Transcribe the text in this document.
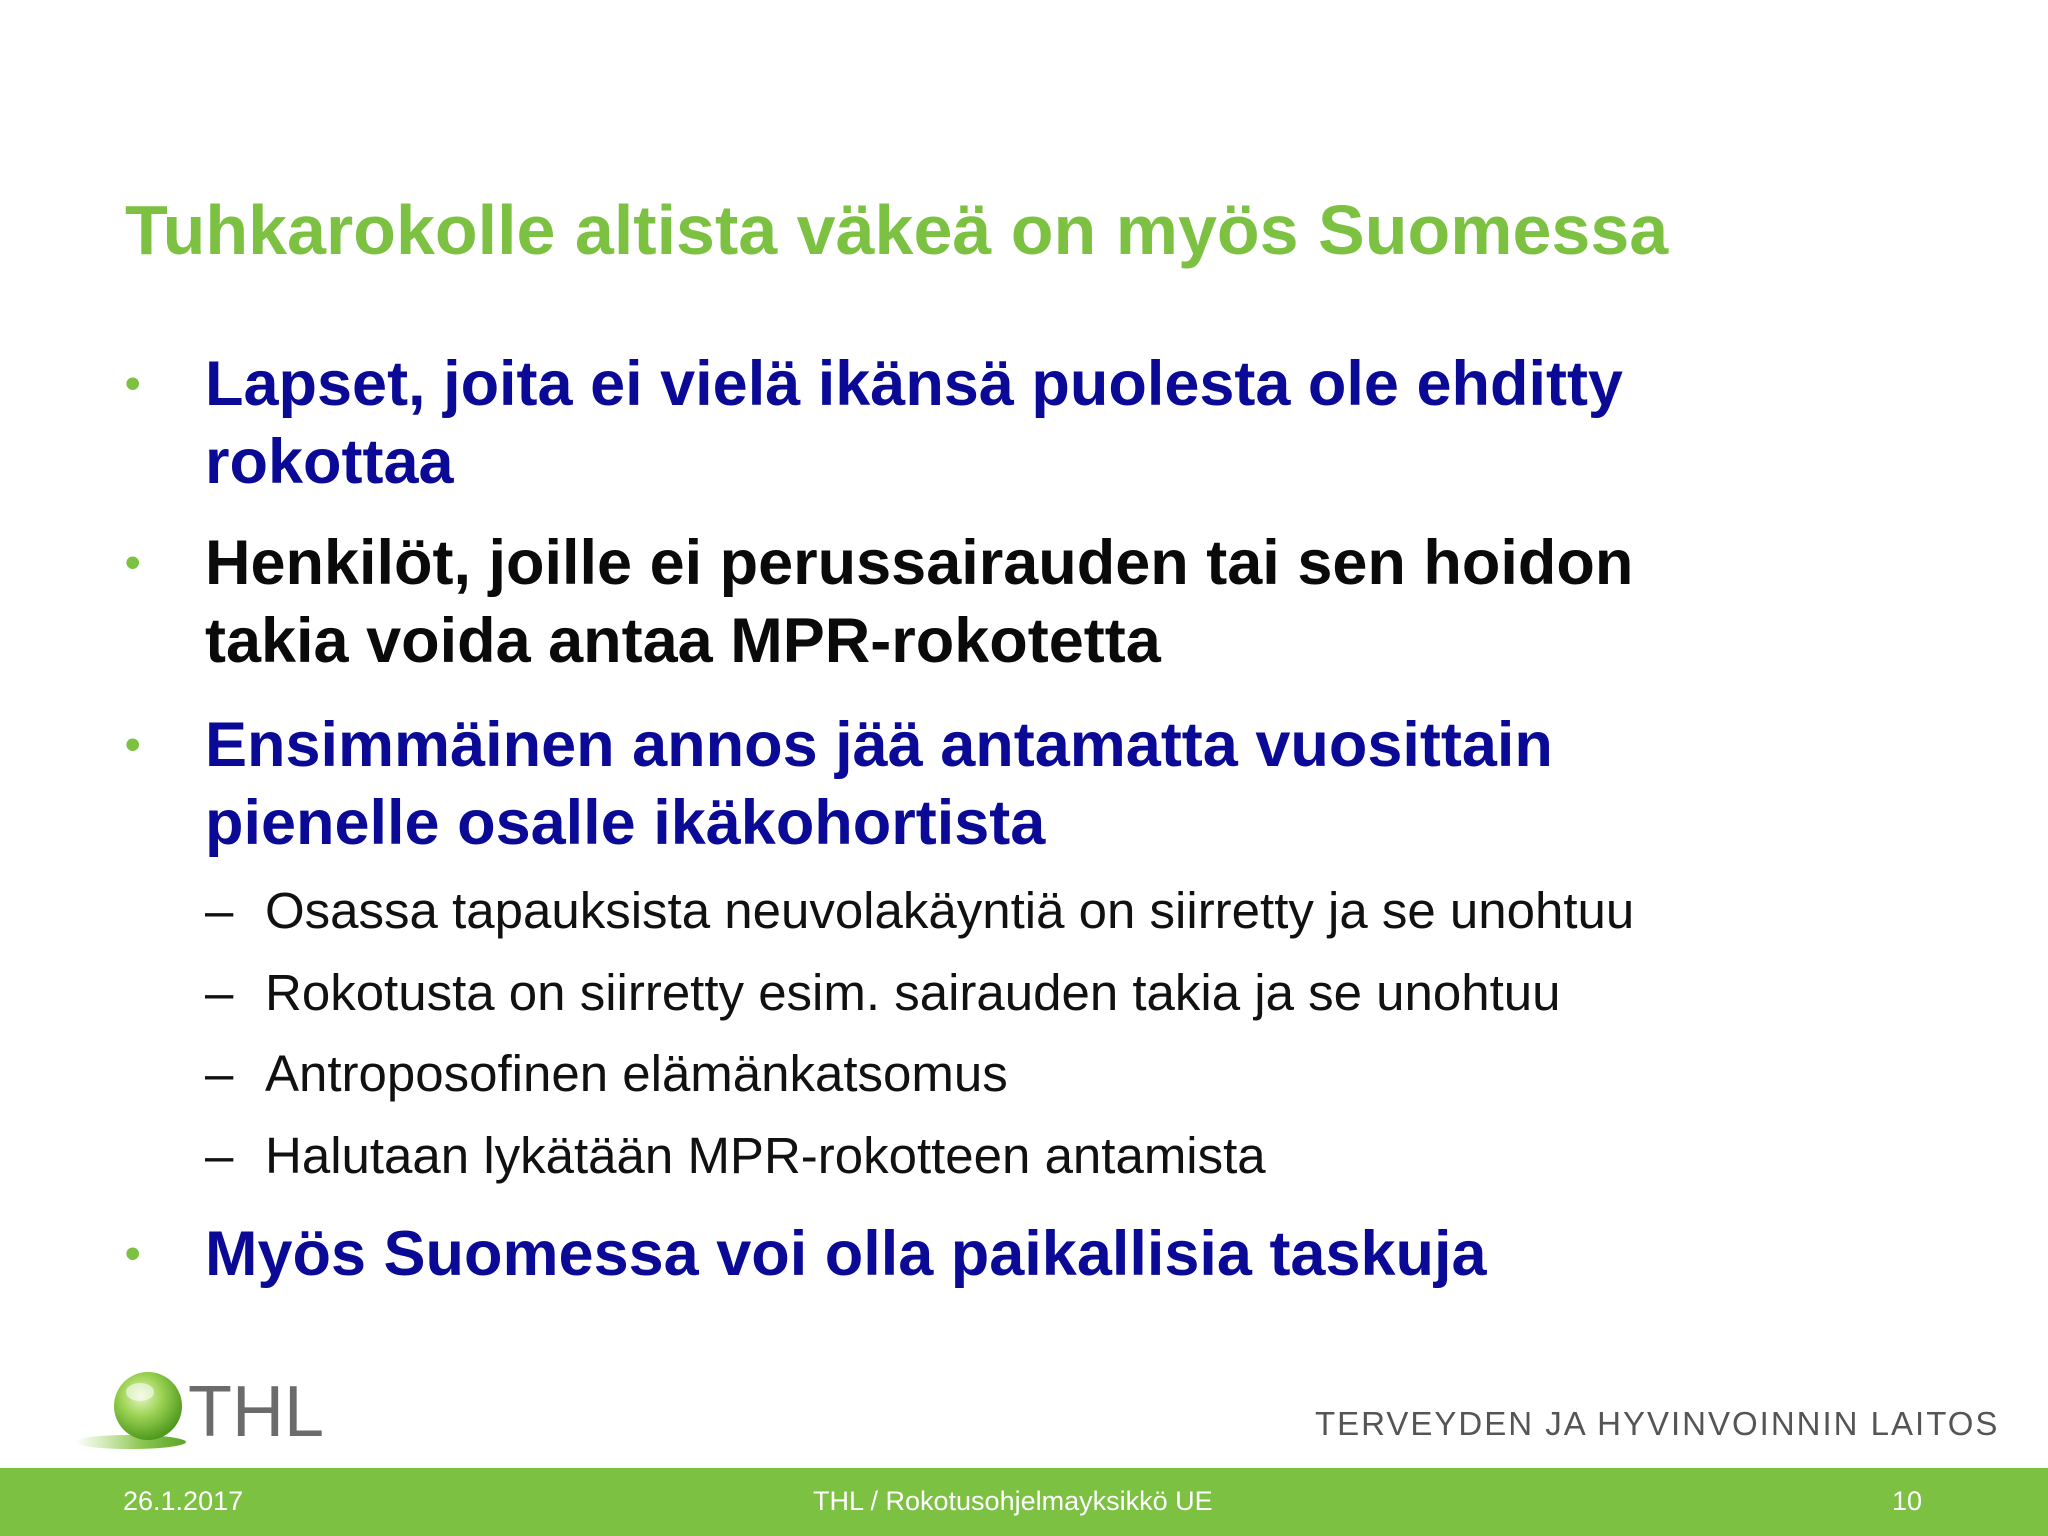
Tuhkarokolle altista väkeä on myös Suomessa
• Lapset, joita ei vielä ikänsä puolesta ole ehditty
rokottaa
• Henkilöt, joille ei perussairauden tai sen hoidon
takia voida antaa MPR-rokotetta
• Ensimmäinen annos jää antamatta vuosittain
pienelle osalle ikäkohortista
– Osassa tapauksista neuvolakäyntiä on siirretty ja se unohtuu
– Rokotusta on siirretty esim. sairauden takia ja se unohtuu
– Antroposofinen elämänkatsomus
– Halutaan lykätään MPR-rokotteen antamista
• Myös Suomessa voi olla paikallisia taskuja
THL	TERVEYDEN JA HYVINVOINNIN LAITOS
26.1.2017	THL / Rokotusohjelmayksikkö UE	10
